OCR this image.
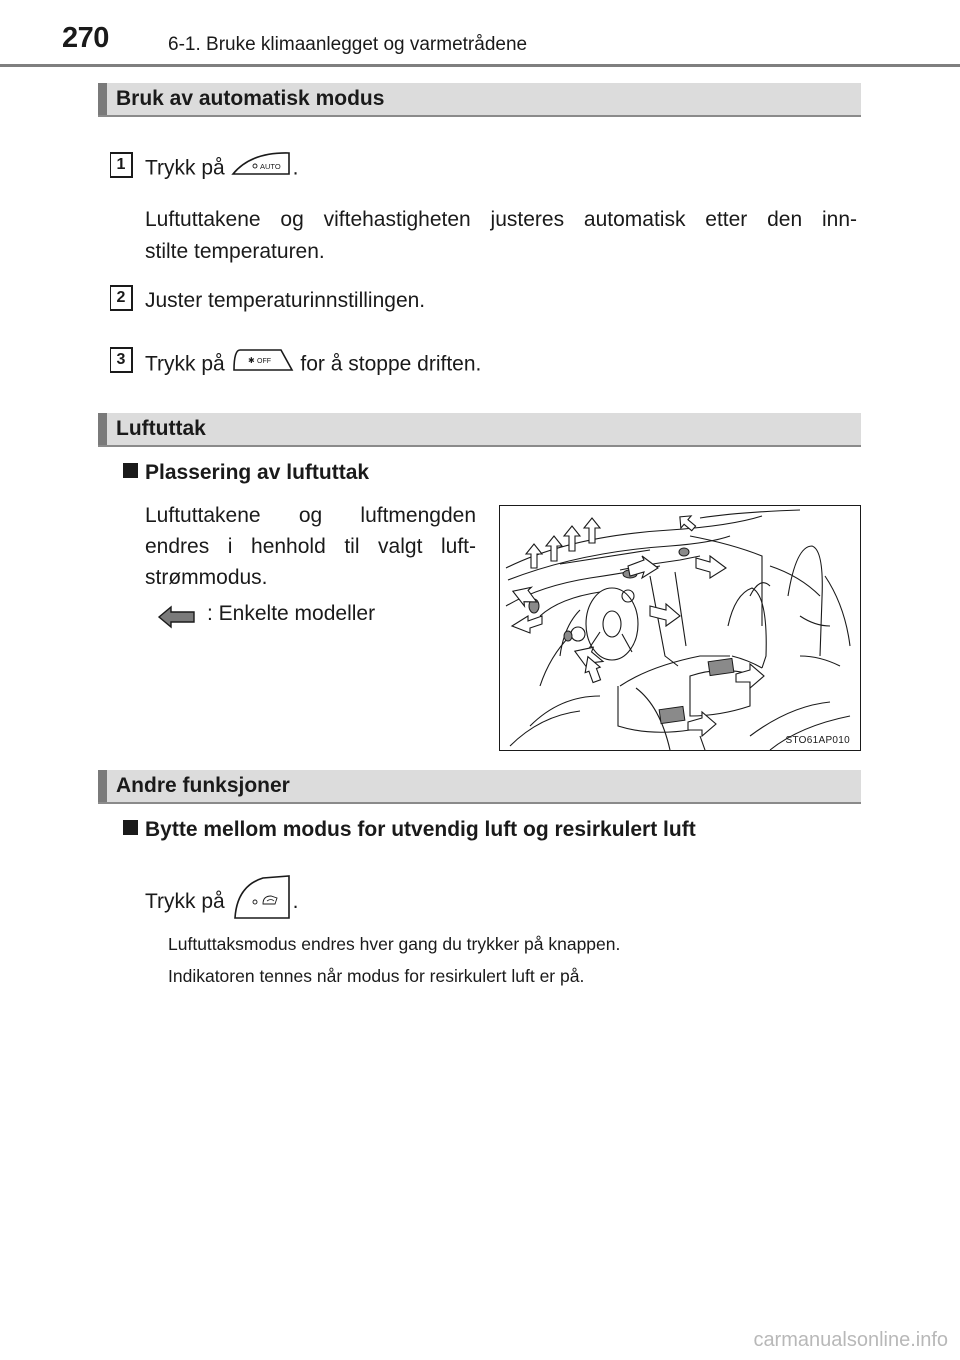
270	6-1. Bruke klimaanlegget og varmetrådene
Bruk av automatisk modus
1 Trykk på	AUTO .
Luftuttakene og viftehastigheten justeres automatisk etter den inn-
stilte temperaturen.
2 Juster temperaturinnstillingen.
3 Trykk på	✱ OFF for å stoppe driften.
Luftuttak
Plassering av luftuttak
Luftuttakene og luftmengden
endres i henhold til valgt luft-
strømmodus.
: Enkelte modeller
STO61AP010
Andre funksjoner
Bytte mellom modus for utvendig luft og resirkulert luft
Trykk på	.
Luftuttaksmodus endres hver gang du trykker på knappen.
Indikatoren tennes når modus for resirkulert luft er på.
carmanualsonline.info
